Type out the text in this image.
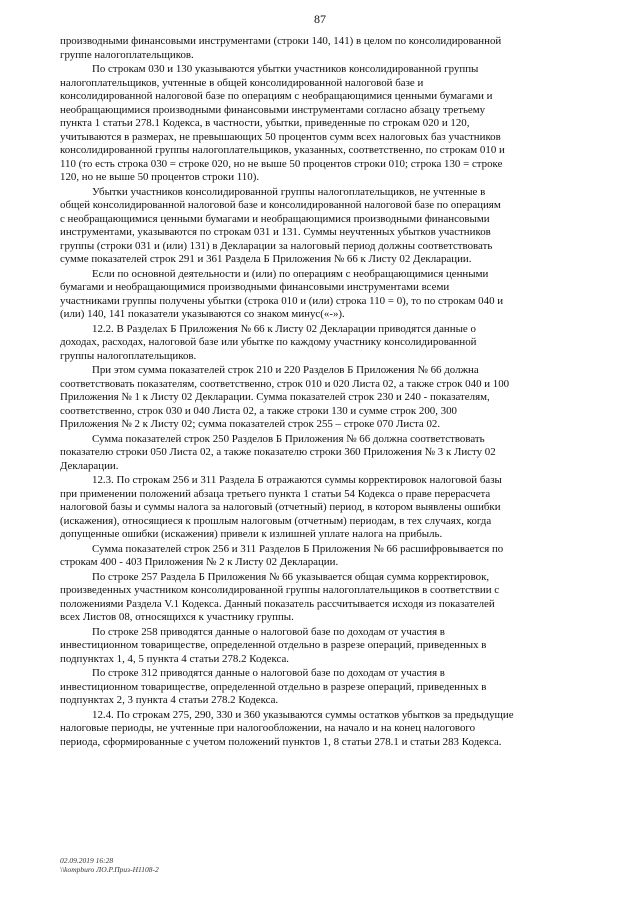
87
производными финансовыми инструментами (строки 140, 141) в целом по консолидированной
группе налогоплательщиков.
По строкам 030 и 130 указываются убытки участников консолидированной группы
налогоплательщиков, учтенные в общей консолидированной налоговой базе и
консолидированной налоговой базе по операциям с необращающимися ценными бумагами и
необращающимися производными финансовыми инструментами согласно абзацу третьему
пункта 1 статьи 278.1 Кодекса, в частности, убытки, приведенные по строкам 020 и 120,
учитываются в размерах, не превышающих 50 процентов сумм всех налоговых баз участников
консолидированной группы налогоплательщиков, указанных, соответственно, по строкам 010 и
110 (то есть строка 030 = строке 020, но не выше 50 процентов строки 010; строка 130 = строке
120, но не выше 50 процентов строки 110).
Убытки участников консолидированной группы налогоплательщиков, не учтенные в
общей консолидированной налоговой базе и консолидированной налоговой базе по операциям
с необращающимися ценными бумагами и необращающимися производными финансовыми
инструментами, указываются по строкам 031 и 131. Суммы неучтенных убытков участников
группы (строки 031 и (или) 131) в Декларации за налоговый период должны соответствовать
сумме показателей строк 291 и 361 Раздела Б Приложения № 66 к Листу 02 Декларации.
Если по основной деятельности и (или) по операциям с необращающимися ценными
бумагами и необращающимися производными финансовыми инструментами всеми
участниками группы получены убытки (строка 010 и (или) строка 110 = 0), то по строкам 040 и
(или) 140, 141 показатели указываются со знаком минус(«-»).
12.2. В Разделах Б Приложения № 66 к Листу 02 Декларации приводятся данные о
доходах, расходах, налоговой базе или убытке по каждому участнику консолидированной
группы налогоплательщиков.
При этом сумма показателей строк 210 и 220 Разделов Б Приложения № 66 должна
соответствовать показателям, соответственно, строк 010 и 020 Листа 02, а также строк 040 и 100
Приложения № 1 к Листу 02 Декларации. Сумма показателей строк 230 и 240 - показателям,
соответственно, строк 030 и 040 Листа 02, а также строки 130 и сумме строк 200, 300
Приложения № 2 к Листу 02; сумма показателей строк 255 – строке 070 Листа 02.
Сумма показателей строк 250 Разделов Б Приложения № 66 должна соответствовать
показателю строки 050 Листа 02, а также показателю строки 360 Приложения № 3 к Листу 02
Декларации.
12.3. По строкам 256 и 311 Раздела Б отражаются суммы корректировок налоговой базы
при применении положений абзаца третьего пункта 1 статьи 54 Кодекса о праве перерасчета
налоговой базы и суммы налога за налоговый (отчетный) период, в котором выявлены ошибки
(искажения), относящиеся к прошлым налоговым (отчетным) периодам, в тех случаях, когда
допущенные ошибки (искажения) привели к излишней уплате налога на прибыль.
Сумма показателей строк 256 и 311 Разделов Б Приложения № 66 расшифровывается по
строкам 400 - 403 Приложения № 2 к Листу 02 Декларации.
По строке 257 Раздела Б Приложения № 66 указывается общая сумма корректировок,
произведенных участником консолидированной группы налогоплательщиков в соответствии с
положениями Раздела V.1 Кодекса. Данный показатель рассчитывается исходя из показателей
всех Листов 08, относящихся к участнику группы.
По строке 258 приводятся данные о налоговой базе по доходам от участия в
инвестиционном товариществе, определенной отдельно в разрезе операций, приведенных в
подпунктах 1, 4, 5 пункта 4 статьи 278.2 Кодекса.
По строке 312 приводятся данные о налоговой базе по доходам от участия в
инвестиционном товариществе, определенной отдельно в разрезе операций, приведенных в
подпунктах 2, 3 пункта 4 статьи 278.2 Кодекса.
12.4. По строкам 275, 290, 330 и 360 указываются суммы остатков убытков за предыдущие
налоговые периоды, не учтенные при налогообложении, на начало и на конец налогового
периода, сформированные с учетом положений пунктов 1, 8 статьи 278.1 и статьи 283 Кодекса.
02.09.2019 16:28
\\kompburo ЛО.Р.Приз-Н1108-2
